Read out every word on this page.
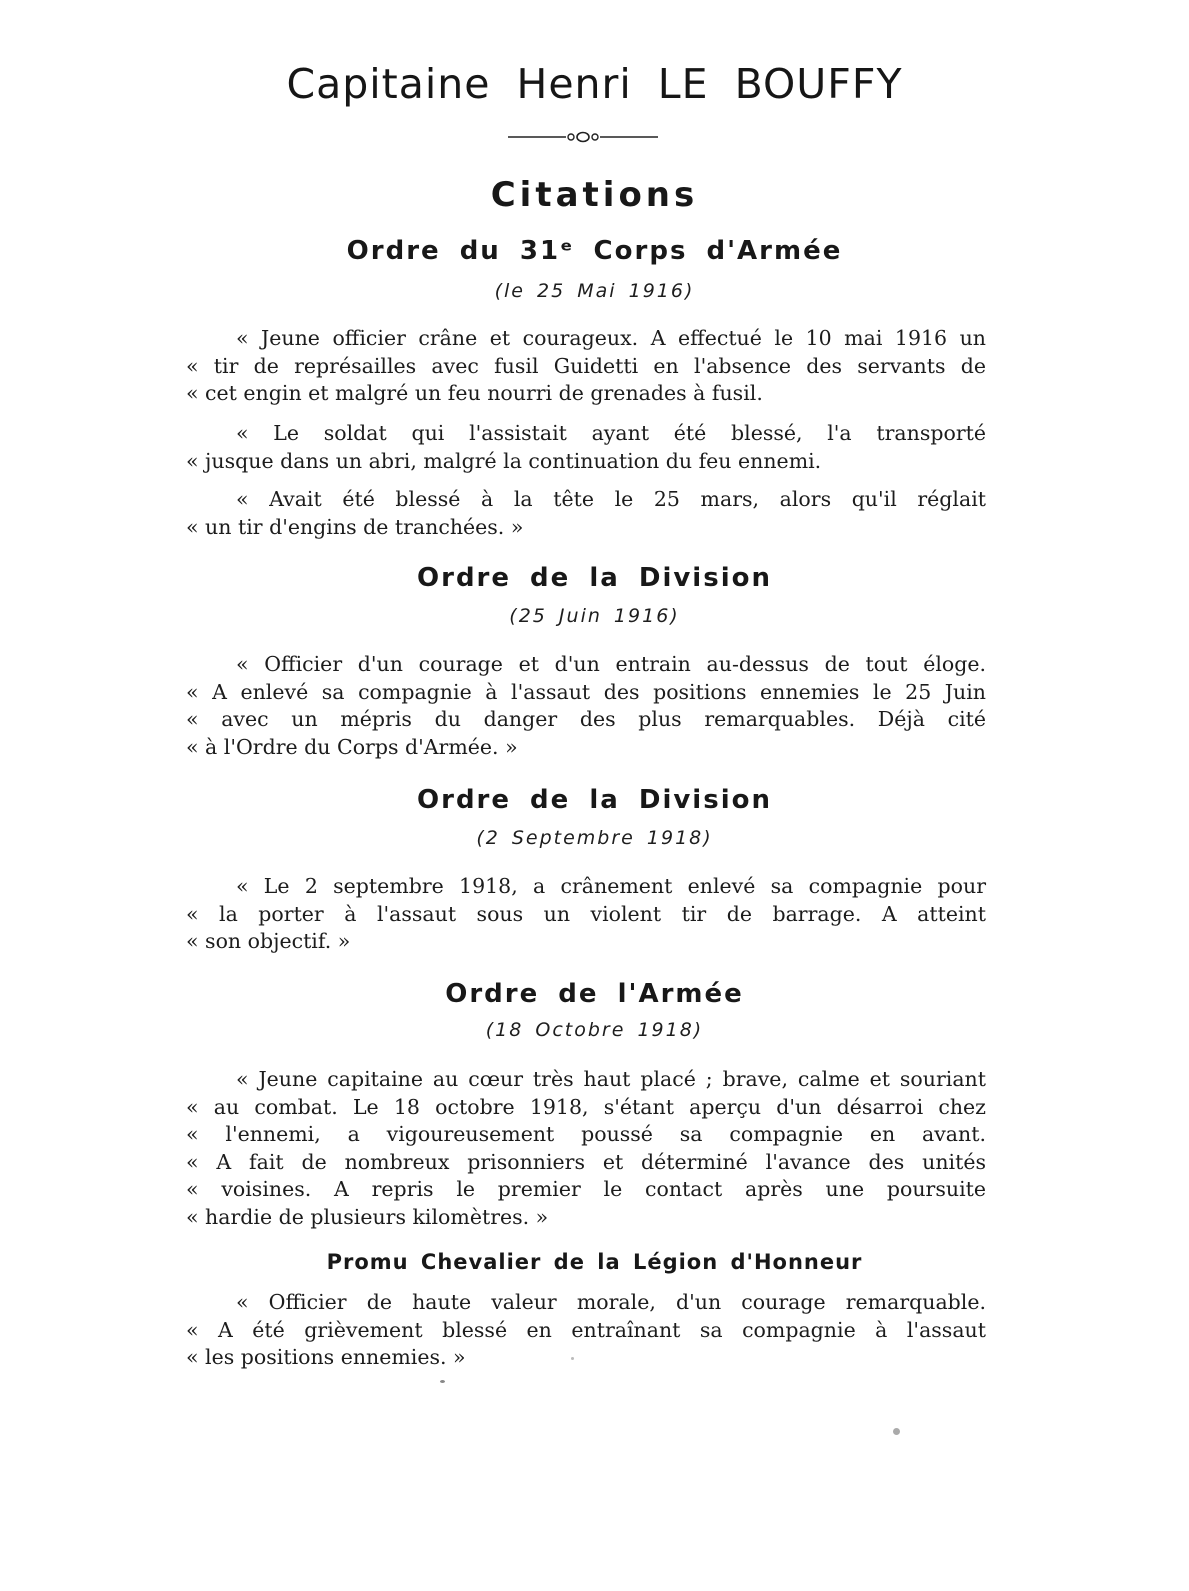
Capitaine Henri LE BOUFFY
Citations
Ordre du 31ᵉ Corps d'Armée
(le 25 Mai 1916)

« Jeune officier crâne et courageux. A effectué le 10 mai 1916 un
« tir de représailles avec fusil Guidetti en l'absence des servants de
« cet engin et malgré un feu nourri de grenades à fusil.

« Le soldat qui l'assistait ayant été blessé, l'a transporté
« jusque dans un abri, malgré la continuation du feu ennemi.

« Avait été blessé à la tête le 25 mars, alors qu'il réglait
« un tir d'engins de tranchées. »

Ordre de la Division
(25 Juin 1916)

« Officier d'un courage et d'un entrain au-dessus de tout éloge.
« A enlevé sa compagnie à l'assaut des positions ennemies le 25 Juin
« avec un mépris du danger des plus remarquables. Déjà cité
« à l'Ordre du Corps d'Armée. »

Ordre de la Division
(2 Septembre 1918)

« Le 2 septembre 1918, a crânement enlevé sa compagnie pour
« la porter à l'assaut sous un violent tir de barrage. A atteint
« son objectif. »

Ordre de l'Armée
(18 Octobre 1918)

« Jeune capitaine au cœur très haut placé ; brave, calme et souriant
« au combat. Le 18 octobre 1918, s'étant aperçu d'un désarroi chez
« l'ennemi, a vigoureusement poussé sa compagnie en avant.
« A fait de nombreux prisonniers et déterminé l'avance des unités
« voisines. A repris le premier le contact après une poursuite
« hardie de plusieurs kilomètres. »

Promu Chevalier de la Légion d'Honneur

« Officier de haute valeur morale, d'un courage remarquable.
« A été grièvement blessé en entraînant sa compagnie à l'assaut
« les positions ennemies. »
